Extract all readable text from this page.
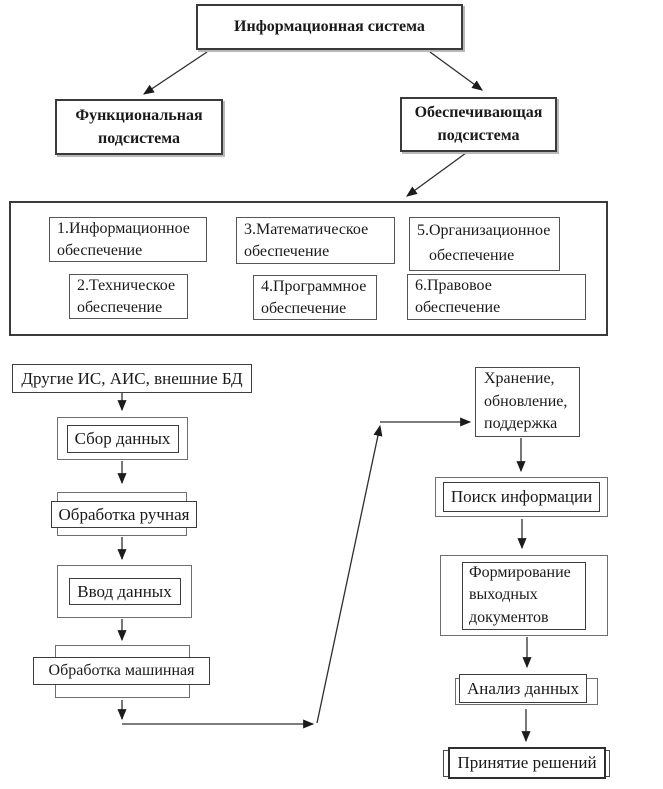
Информационная система
Функциональная
подсистема
Обеспечивающая
подсистема
1.Информационное
обеспечение
2.Техническое
обеспечение
3.Математическое
обеспечение
4.Программное
обеспечение
5.Организационное
обеспечение
6.Правовое
обеспечение
Другие ИС, АИС, внешние БД
Сбор данных
Обработка ручная
Ввод данных
Обработка машинная
Хранение,
обновление,
поддержка
Поиск информации
Формирование
выходных
документов
Анализ данных
Принятие решений
